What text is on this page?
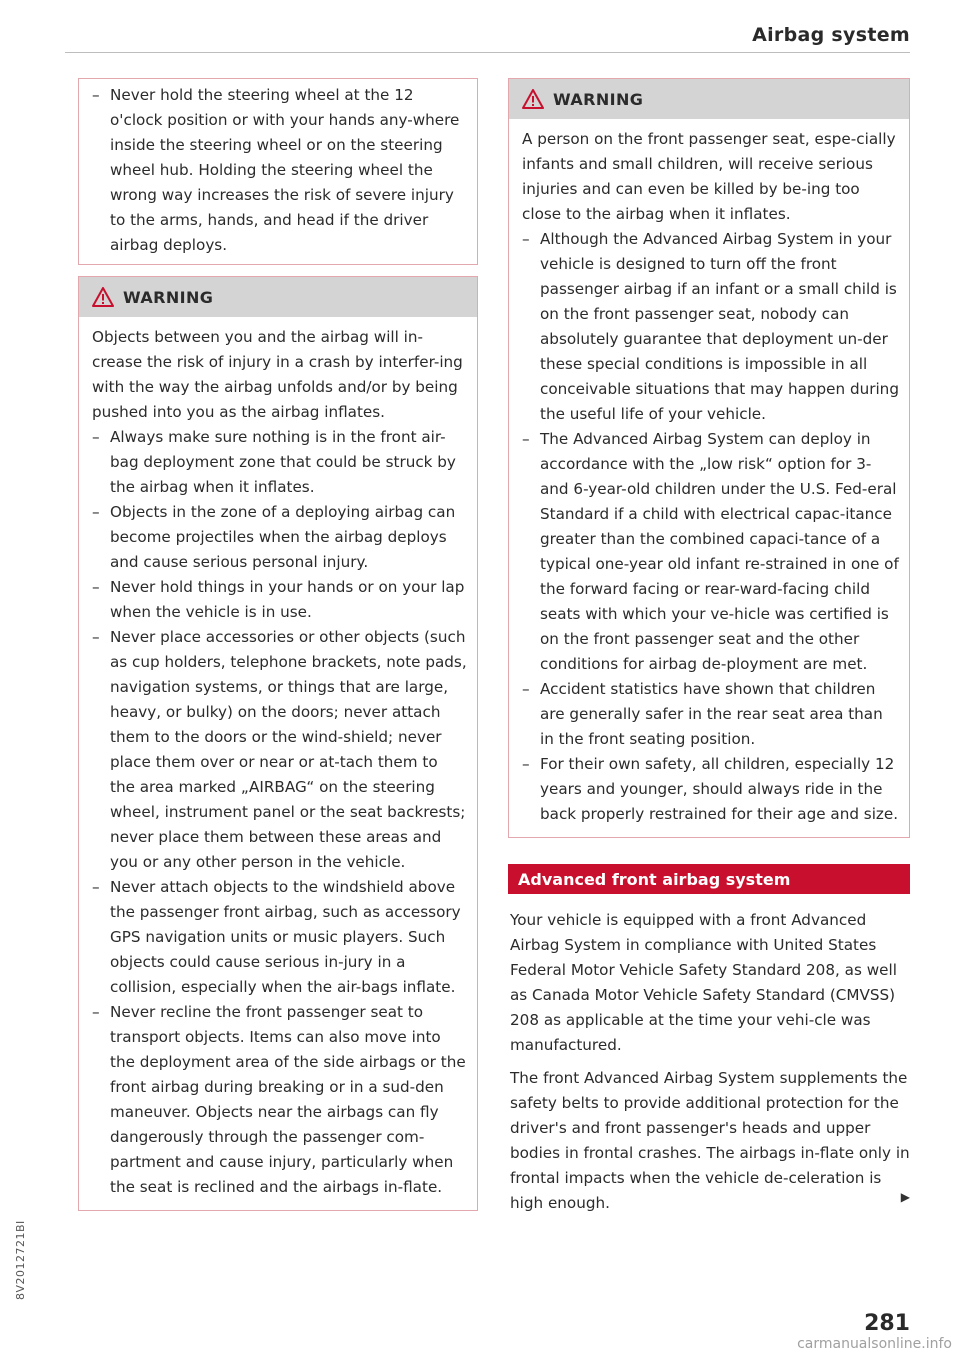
Airbag system
– Never hold the steering wheel at the 12 o'clock position or with your hands any-where inside the steering wheel or on the steering wheel hub. Holding the steering wheel the wrong way increases the risk of severe injury to the arms, hands, and head if the driver airbag deploys.
WARNING

Objects between you and the airbag will in-crease the risk of injury in a crash by interfer-ing with the way the airbag unfolds and/or by being pushed into you as the airbag inflates.

– Always make sure nothing is in the front air-bag deployment zone that could be struck by the airbag when it inflates.
– Objects in the zone of a deploying airbag can become projectiles when the airbag deploys and cause serious personal injury.
– Never hold things in your hands or on your lap when the vehicle is in use.
– Never place accessories or other objects (such as cup holders, telephone brackets, note pads, navigation systems, or things that are large, heavy, or bulky) on the doors; never attach them to the doors or the wind-shield; never place them over or near or at-tach them to the area marked „AIRBAG“ on the steering wheel, instrument panel or the seat backrests; never place them between these areas and you or any other person in the vehicle.
– Never attach objects to the windshield above the passenger front airbag, such as accessory GPS navigation units or music players. Such objects could cause serious in-jury in a collision, especially when the air-bags inflate.
– Never recline the front passenger seat to transport objects. Items can also move into the deployment area of the side airbags or the front airbag during breaking or in a sud-den maneuver. Objects near the airbags can fly dangerously through the passenger com-partment and cause injury, particularly when the seat is reclined and the airbags in-flate.
WARNING

A person on the front passenger seat, espe-cially infants and small children, will receive serious injuries and can even be killed by be-ing too close to the airbag when it inflates.

– Although the Advanced Airbag System in your vehicle is designed to turn off the front passenger airbag if an infant or a small child is on the front passenger seat, nobody can absolutely guarantee that deployment un-der these special conditions is impossible in all conceivable situations that may happen during the useful life of your vehicle.
– The Advanced Airbag System can deploy in accordance with the „low risk“ option for 3- and 6-year-old children under the U.S. Fed-eral Standard if a child with electrical capac-itance greater than the combined capaci-tance of a typical one-year old infant re-strained in one of the forward facing or rear-ward-facing child seats with which your ve-hicle was certified is on the front passenger seat and the other conditions for airbag de-ployment are met.
– Accident statistics have shown that children are generally safer in the rear seat area than in the front seating position.
– For their own safety, all children, especially 12 years and younger, should always ride in the back properly restrained for their age and size.
Advanced front airbag system

Your vehicle is equipped with a front Advanced Airbag System in compliance with United States Federal Motor Vehicle Safety Standard 208, as well as Canada Motor Vehicle Safety Standard (CMVSS) 208 as applicable at the time your vehi-cle was manufactured.

The front Advanced Airbag System supplements the safety belts to provide additional protection for the driver's and front passenger's heads and upper bodies in frontal crashes. The airbags in-flate only in frontal impacts when the vehicle de-celeration is high enough.	▶
281
8V2012721BI
carmanualsonline.info
